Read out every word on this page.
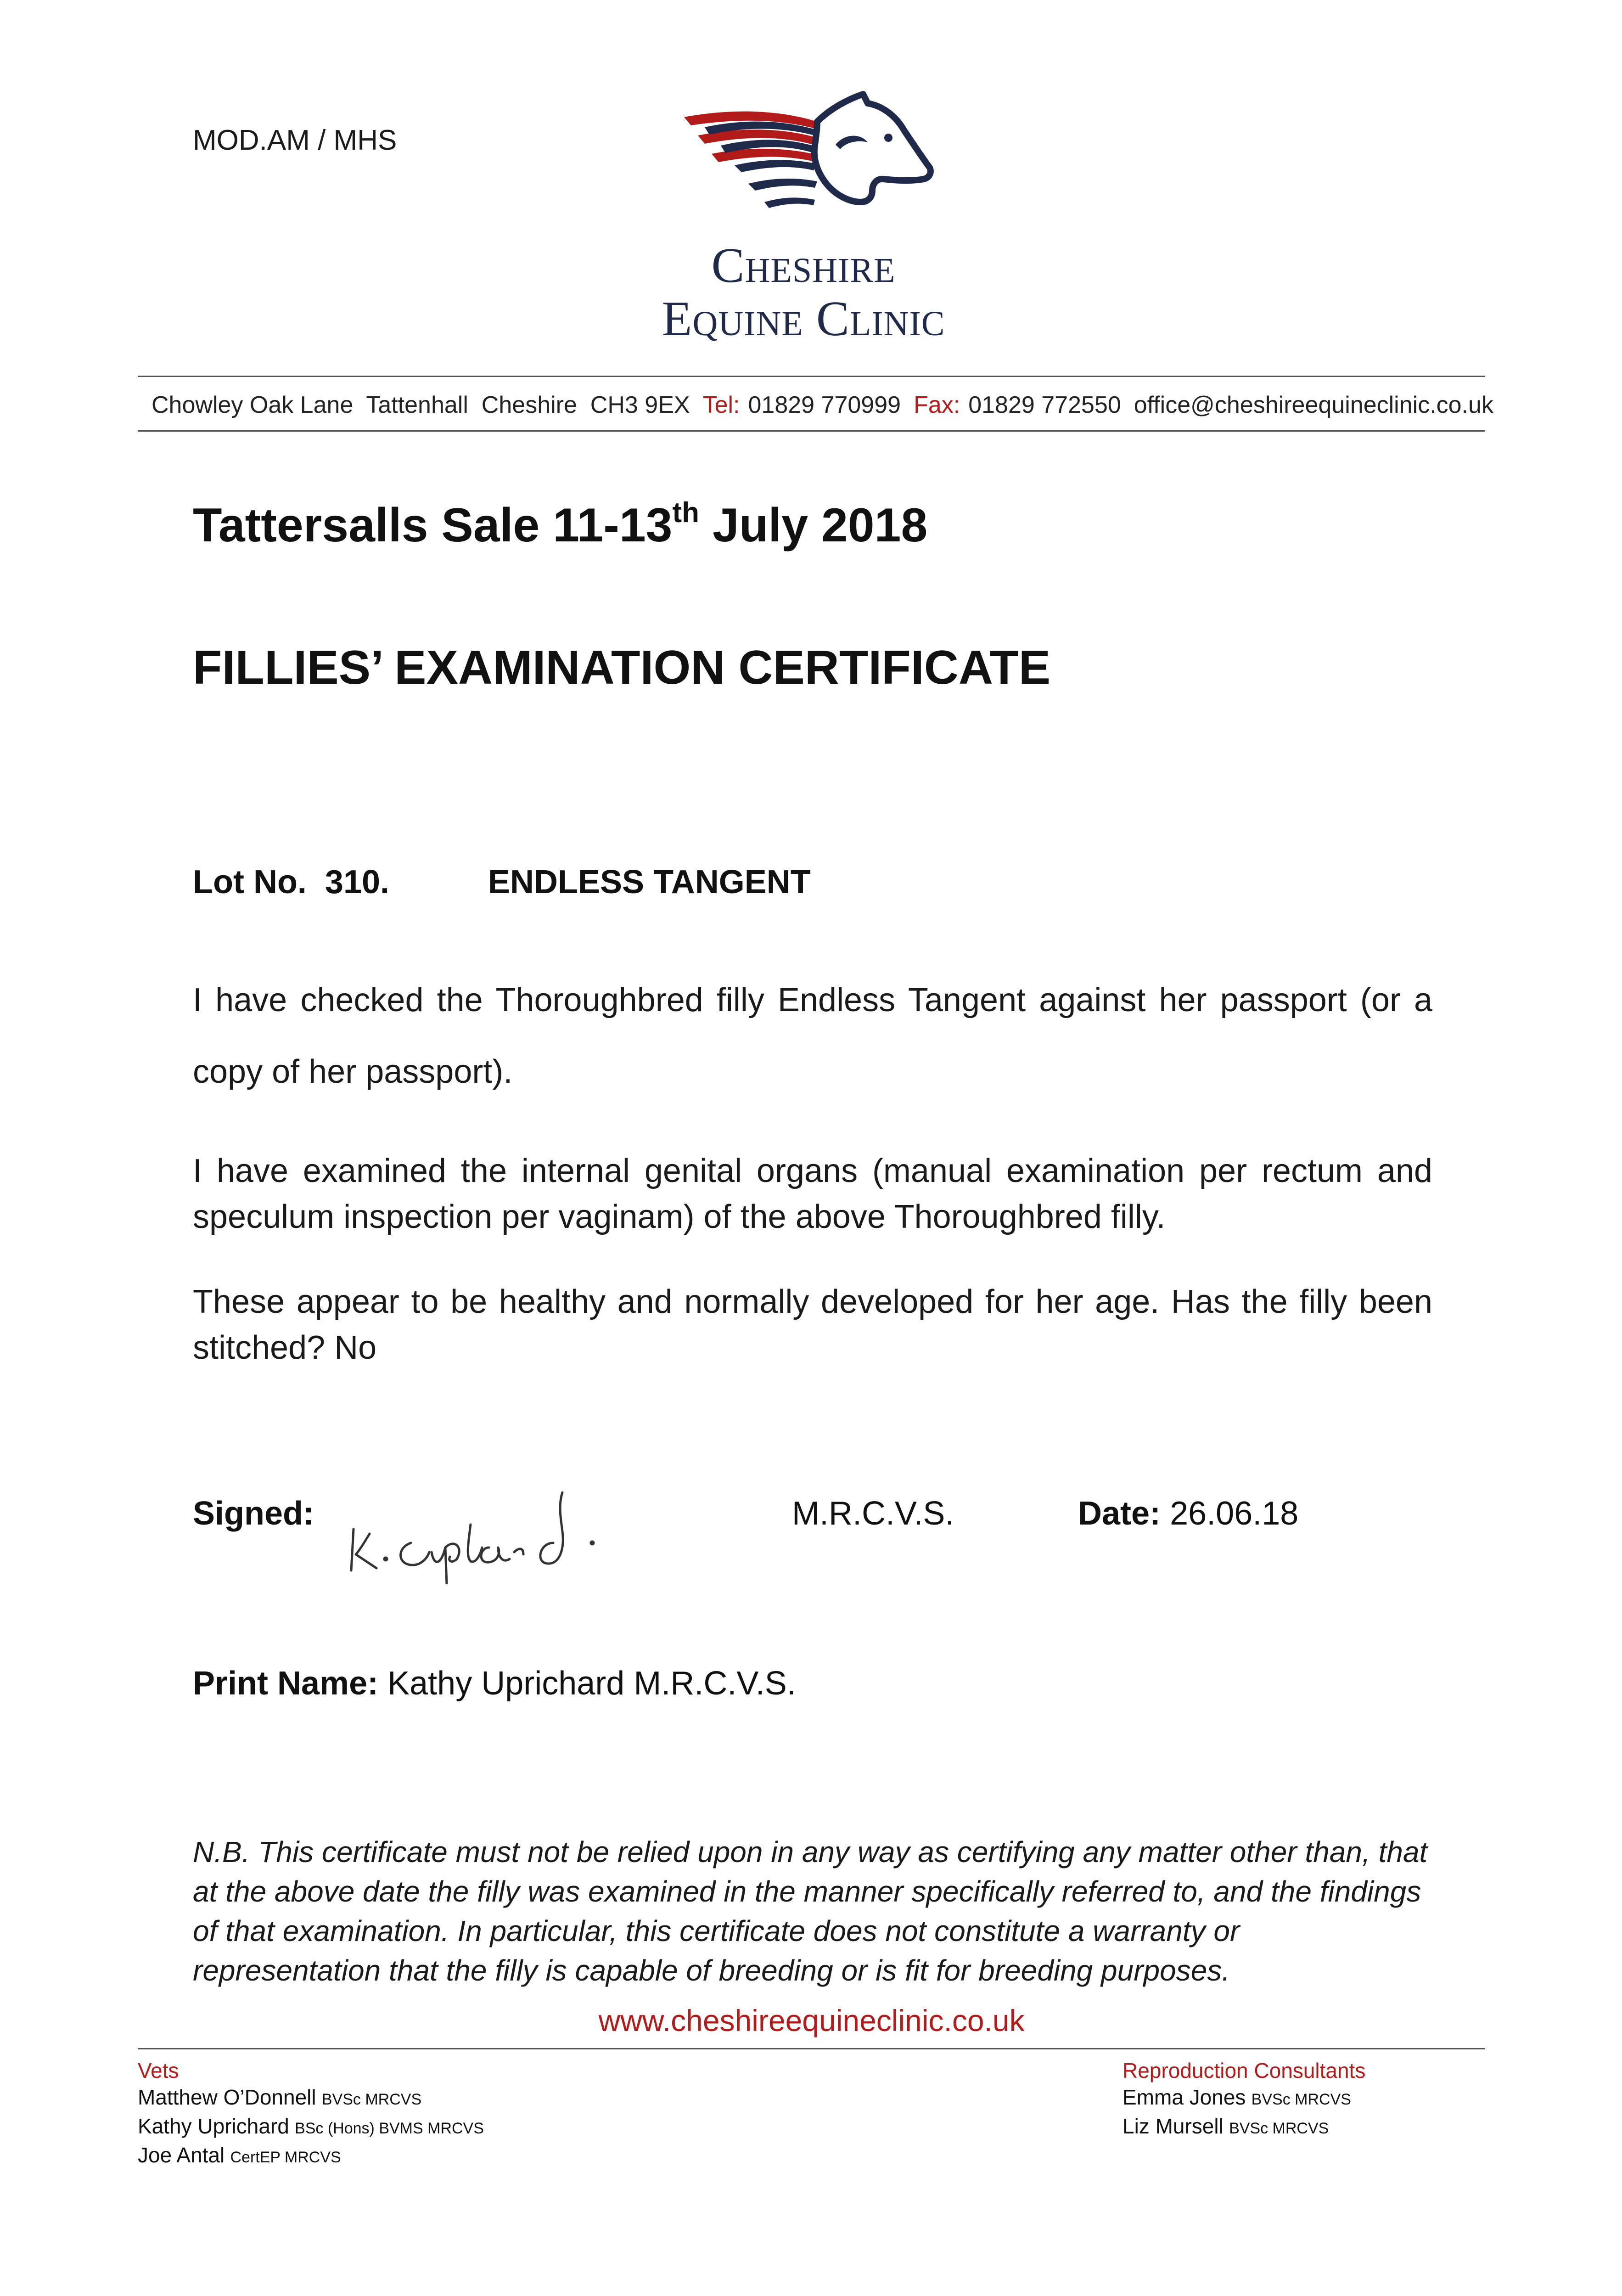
MOD.AM / MHS
Cheshire
Equine Clinic
Chowley Oak Lane  Tattenhall  Cheshire  CH3 9EX Tel: 01829 770999 Fax: 01829 772550 office@cheshireequineclinic.co.uk
Tattersalls Sale 11-13th July 2018
FILLIES’ EXAMINATION CERTIFICATE
Lot No.  310.	ENDLESS TANGENT
I have checked the Thoroughbred filly Endless Tangent against her passport (or a copy of her passport).
I have examined the internal genital organs (manual examination per rectum and speculum inspection per vaginam) of the above Thoroughbred filly.
These appear to be healthy and normally developed for her age. Has the filly been stitched? No
Signed:	M.R.C.V.S.	Date: 26.06.18
Print Name: Kathy Uprichard M.R.C.V.S.
N.B. This certificate must not be relied upon in any way as certifying any matter other than, that at the above date the filly was examined in the manner specifically referred to, and the findings of that examination. In particular, this certificate does not constitute a warranty or representation that the filly is capable of breeding or is fit for breeding purposes.
www.cheshireequineclinic.co.uk
Vets
Matthew O’Donnell BVSc MRCVS
Kathy Uprichard BSc (Hons) BVMS MRCVS
Joe Antal CertEP MRCVS
Reproduction Consultants
Emma Jones BVSc MRCVS
Liz Mursell BVSc MRCVS
